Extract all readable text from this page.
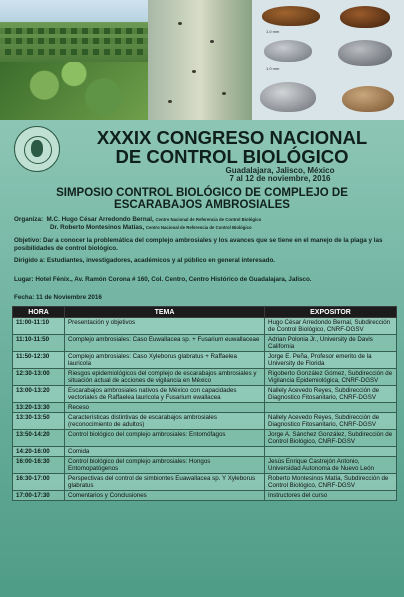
1.0 mm
1.0 mm
XXXIX CONGRESO NACIONAL
DE CONTROL BIOLÓGICO
Guadalajara, Jalisco, México
7 al 12 de noviembre, 2016
SIMPOSIO CONTROL BIOLÓGICO DE COMPLEJO DE
ESCARABAJOS AMBROSIALES
Organiza: M.C. Hugo César Arredondo Bernal, Centro Nacional de Referencia de Control Biológico
Dr. Roberto Montesinos Matías, Centro Nacional de Referencia de Control Biológico
Objetivo: Dar a conocer la problemática del complejo ambrosiales y los avances que se tiene en el manejo de la plaga y las posibilidades de control biológico.
Dirigido a: Estudiantes, investigadores, académicos y al público en general interesado.
Lugar: Hotel Fénix., Av. Ramón Corona # 160, Col. Centro, Centro Histórico de Guadalajara, Jalisco.
Fecha: 11 de Noviembre 2016
HORA	TEMA	EXPOSITOR
11:00-11:10	Presentación y objetivos	Hugo César Arredondo Bernal, Subdirección de Control Biológico, CNRF-DGSV
11:10-11:50	Complejo ambrosiales: Caso Euwallacea sp. + Fusarium euwallaceae	Adrian Polonia Jr., University de Davis California
11:50-12:30	Complejo ambrosiales: Caso Xyleborus glabratus + Raffaelea lauricola	Jorge E. Peña, Profesor emerito de la University de Florida
12:30-13:00	Riesgos epidemiológicos del complejo de escarabajos ambrosiales y situación actual de acciones de vigilancia en México	Rigoberto González Gómez, Subdirección de Vigilancia Epidemiológica, CNRF-DGSV
13:00-13:20	Escarabajos ambrosiales nativos de México con capacidades vectoriales de Raffaelea lauricola y Fusarium ewallacea	Nallely Acevedo Reyes, Subdirección de Diagnostico Fitosanitario, CNRF-DGSV
13:20-13:30	Receso	
13:30-13:50	Características distintivas de escarabajos ambrosiales (reconocimiento de adultos)	Nallely Acevedo Reyes, Subdirección de Diagnostico Fitosanitario, CNRF-DGSV
13:50-14:20	Control biológico del complejo ambrosiales: Entomófagos	Jorge A. Sánchez González, Subdirección de Control Biológico, CNRF-DGSV
14:20-16:00	Comida	
16:00-16:30	Control biológico del complejo ambrosiales: Hongos Entomopatógenos	Jesús Enrique Castrejón Antonio, Universidad Autonoma de Nuevo León
16:30-17:00	Perspectivas del control de simbiontes Euawallacea sp. Y Xyleborus glabratus	Roberto Montesinos Matía, Subdirección de Control Biológico, CNRF-DGSV
17:00-17:30	Comentarios y Conclusiones	Instructores del curso
